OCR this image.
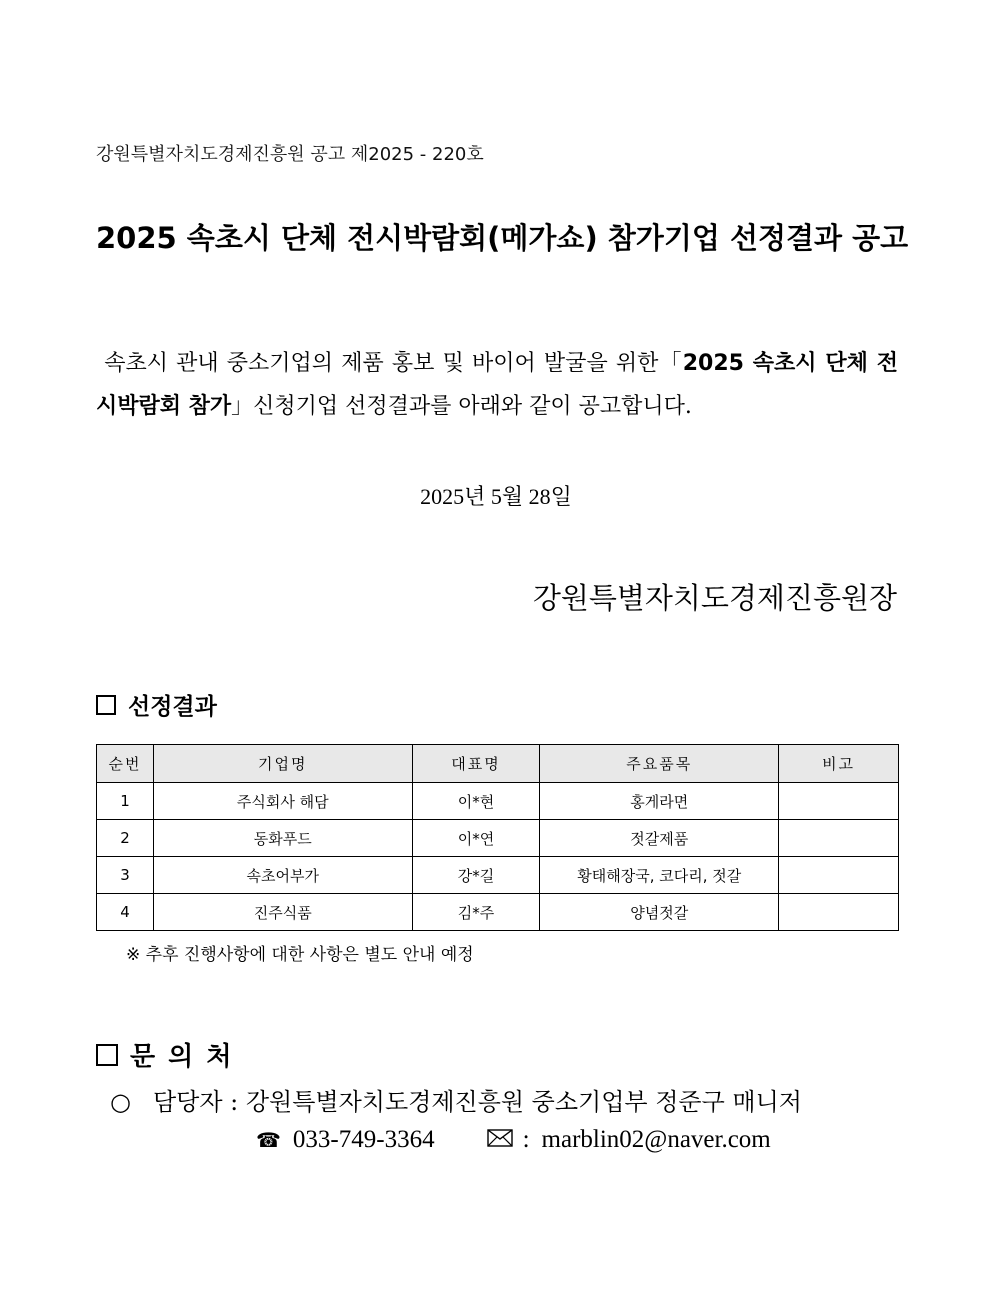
강원특별자치도경제진흥원 공고 제2025 - 220호
2025 속초시 단체 전시박람회(메가쇼) 참가기업 선정결과 공고
속초시 관내 중소기업의 제품 홍보 및 바이어 발굴을 위한「2025 속초시 단체 전시박람회 참가」신청기업 선정결과를 아래와 같이 공고합니다.
2025년 5월 28일
강원특별자치도경제진흥원장
선정결과
순번	기업명	대표명	주요품목	비고
1	주식회사 해담	이*현	홍게라면	
2	동화푸드	이*연	젓갈제품	
3	속초어부가	강*길	황태해장국, 코다리, 젓갈	
4	진주식품	김*주	양념젓갈	
※ 추후 진행사항에 대한 사항은 별도 안내 예정
문 의 처
○ 담당자 : 강원특별자치도경제진흥원 중소기업부 정준구 매니저
☎ 033-749-3364	: marblin02@naver.com
